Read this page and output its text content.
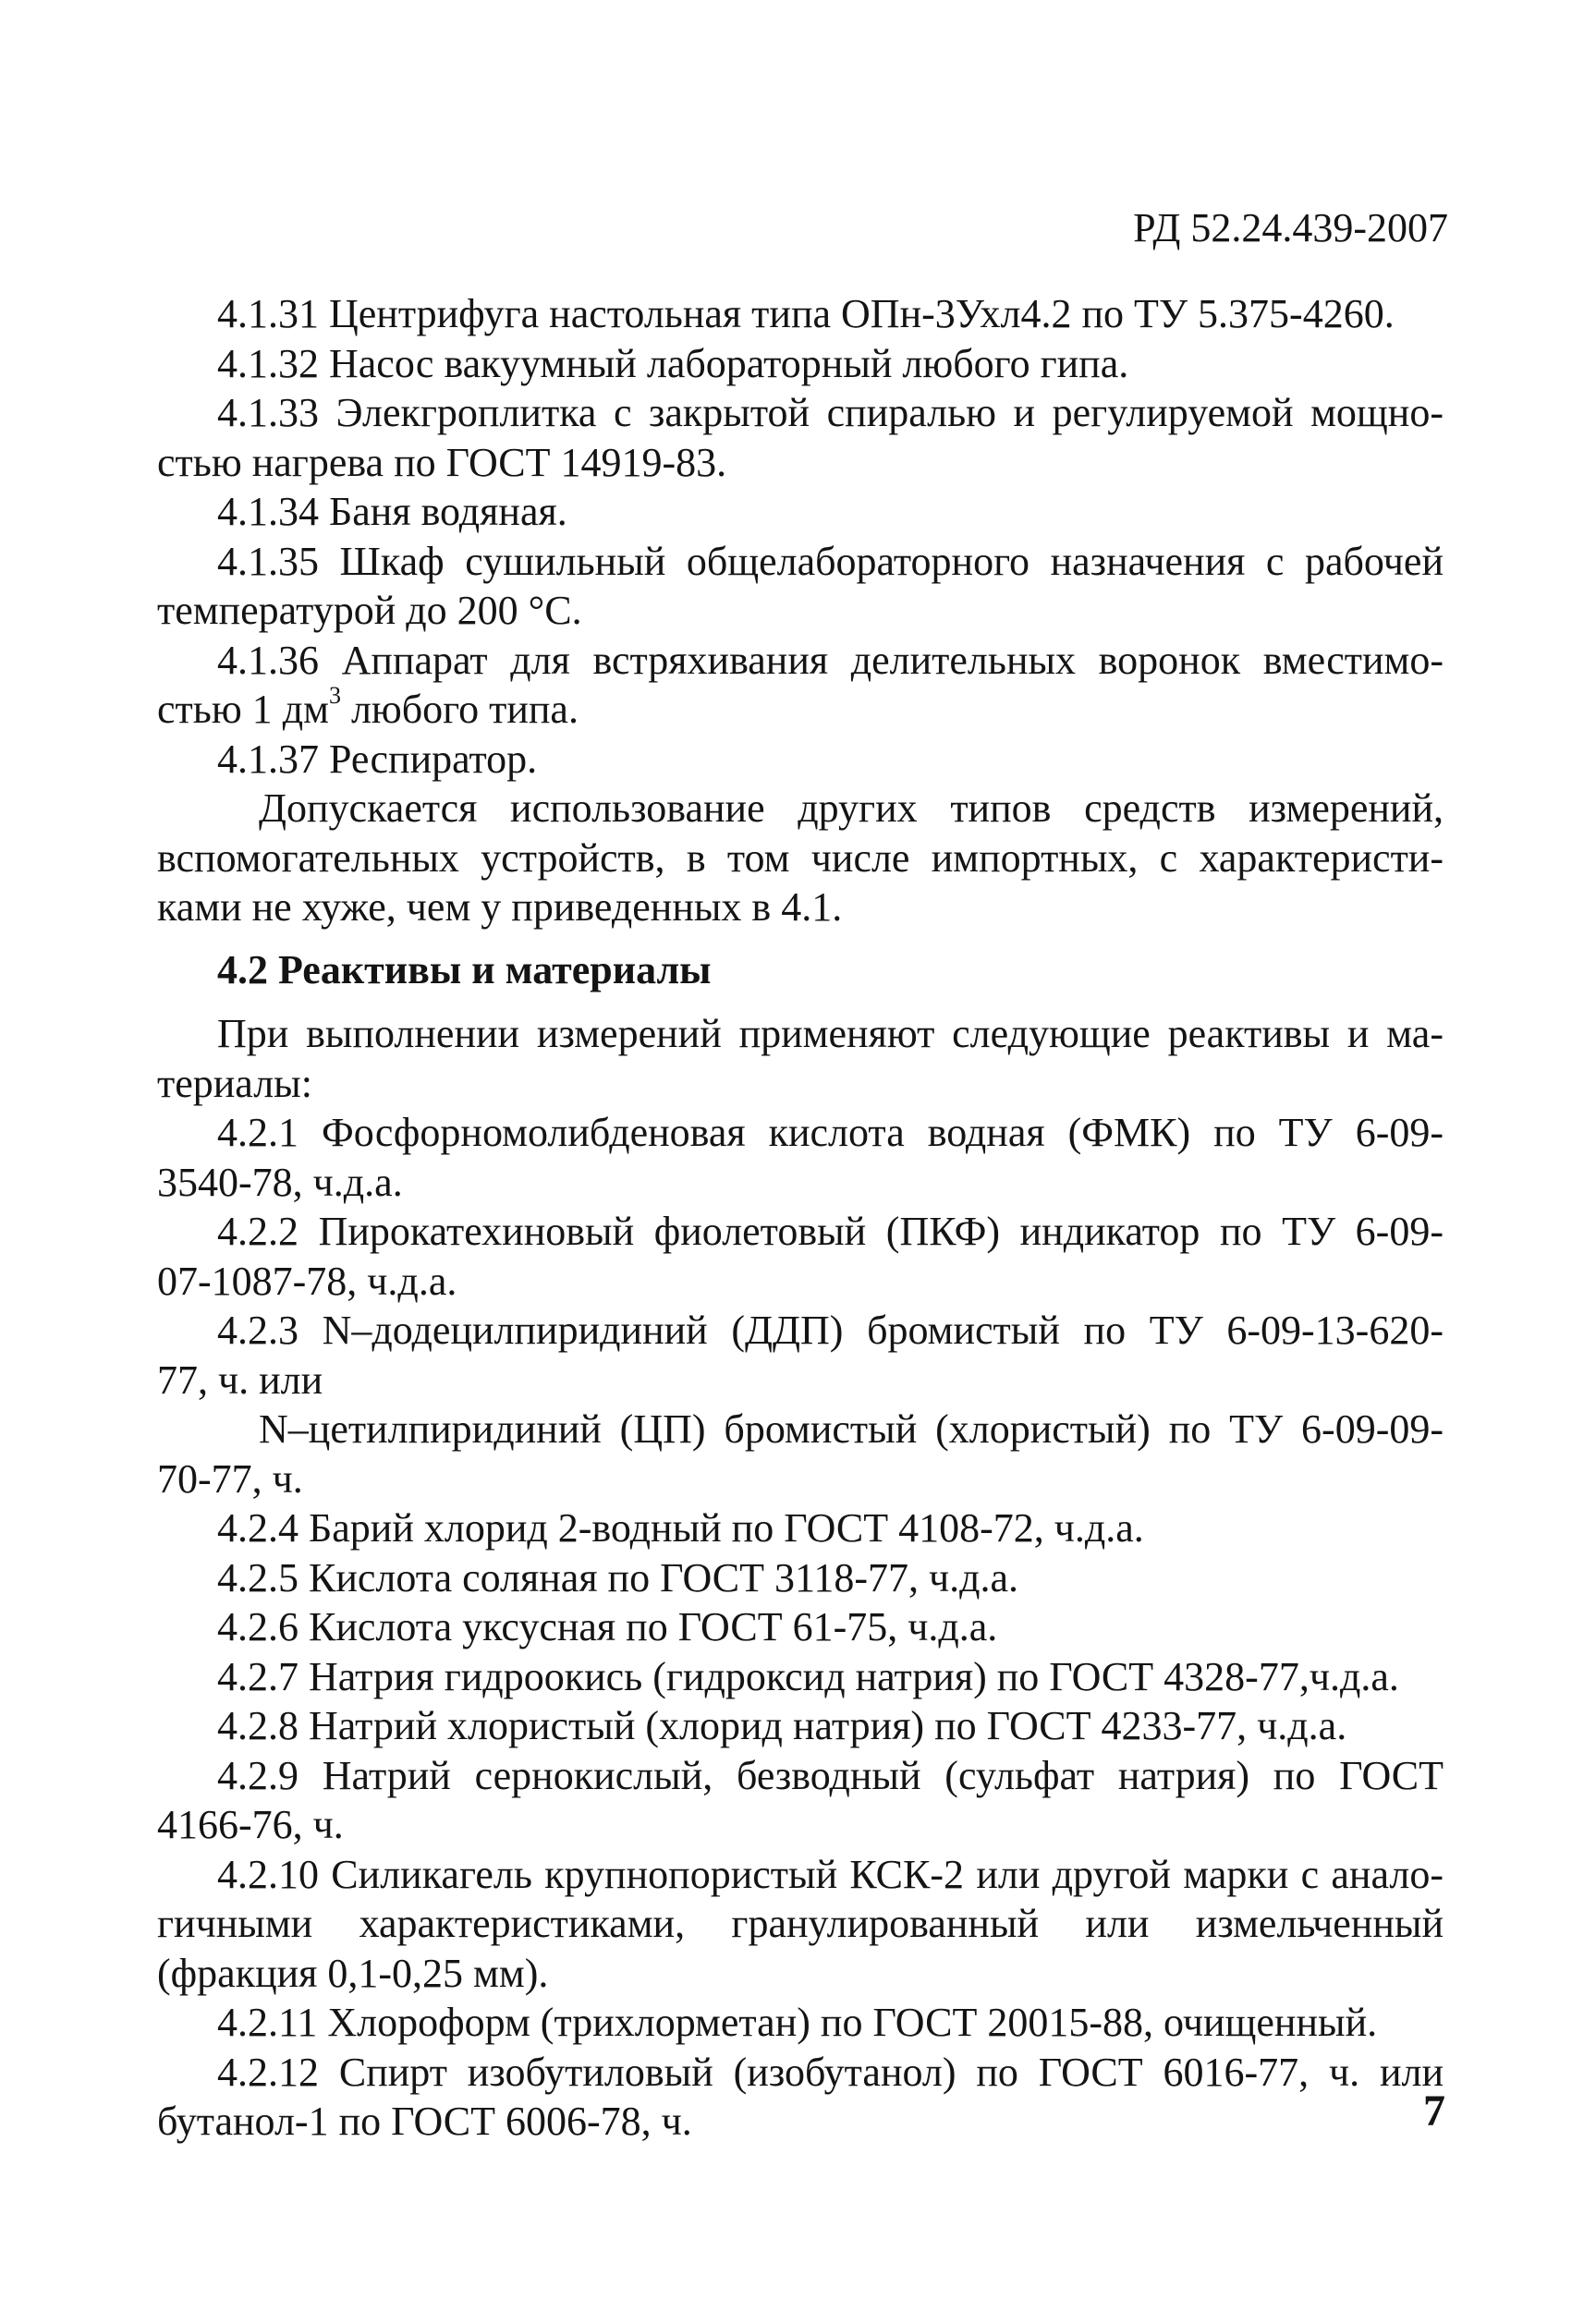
РД 52.24.439-2007
4.1.31 Центрифуга настольная типа ОПн-3Ухл4.2 по ТУ 5.375-4260.
4.1.32 Насос вакуумный лабораторный любого гипа.
4.1.33 Элекгроплитка с закрытой спиралью и регулируемой мощно-
стью нагрева по ГОСТ 14919-83.
4.1.34 Баня водяная.
4.1.35 Шкаф сушильный общелабораторного назначения с рабочей
температурой до 200 °С.
4.1.36 Аппарат для встряхивания делительных воронок вместимо-
стью 1 $дм^3$ любого типа.
4.1.37 Респиратор.
Допускается использование других типов средств измерений,
вспомогательных устройств, в том числе импортных, с характеристи-
ками не хуже, чем у приведенных в 4.1.
4.2 Реактивы и материалы
При выполнении измерений применяют следующие реактивы и ма-
териалы:
4.2.1 Фосфорномолибденовая кислота водная (ФМК) по ТУ 6-09-
3540-78, ч.д.а.
4.2.2 Пирокатехиновый фиолетовый (ПКФ) индикатор по ТУ 6-09-
07-1087-78, ч.д.а.
4.2.3 N–додецилпиридиний (ДДП) бромистый по ТУ 6-09-13-620-
77, ч. или
N–цетилпиридиний (ЦП) бромистый (хлористый) по ТУ 6-09-09-
70-77, ч.
4.2.4 Барий хлорид 2-водный по ГОСТ 4108-72, ч.д.а.
4.2.5 Кислота соляная по ГОСТ 3118-77, ч.д.а.
4.2.6 Кислота уксусная по ГОСТ 61-75, ч.д.а.
4.2.7 Натрия гидроокись (гидроксид натрия) по ГОСТ 4328-77,ч.д.а.
4.2.8 Натрий хлористый (хлорид натрия) по ГОСТ 4233-77, ч.д.а.
4.2.9 Натрий сернокислый, безводный (сульфат натрия) по ГОСТ
4166-76, ч.
4.2.10 Силикагель крупнопористый КСК-2 или другой марки с анало-
гичными характеристиками, гранулированный или измельченный
(фракция 0,1-0,25 мм).
4.2.11 Хлороформ (трихлорметан) по ГОСТ 20015-88, очищенный.
4.2.12 Спирт изобутиловый (изобутанол) по ГОСТ 6016-77, ч. или
бутанол-1 по ГОСТ 6006-78, ч.	7
